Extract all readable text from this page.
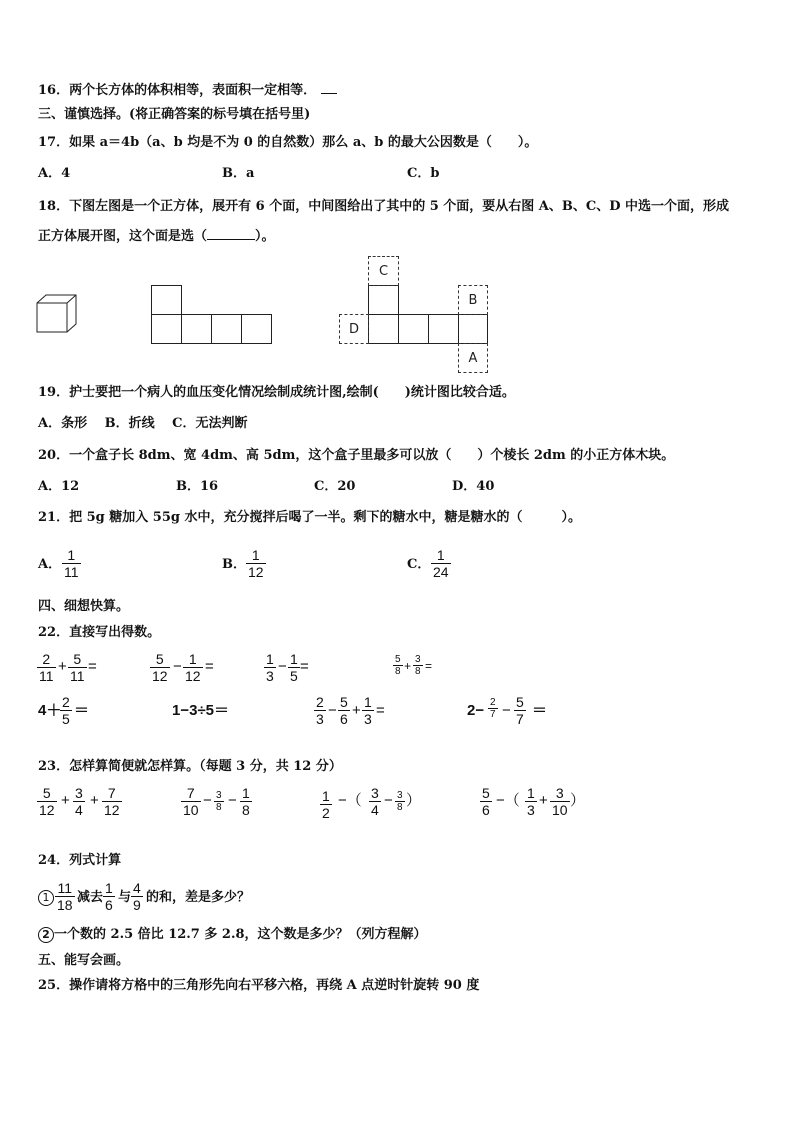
16．两个长方体的体积相等，表面积一定相等．
三、谨慎选择。(将正确答案的标号填在括号里)
17．如果 a＝4b（a、b 均是不为 0 的自然数）那么 a、b 的最大公因数是（　　）。
A．4	B．a	C．b
18．下图左图是一个正方体，展开有 6 个面，中间图给出了其中的 5 个面，要从右图 A、B、C、D 中选一个面，形成
正方体展开图，这个面是选（	）。
C
B
D
A
19．护士要把一个病人的血压变化情况绘制成统计图,绘制(　　)统计图比较合适。
A．条形　 B．折线　 C．无法判断
20．一个盒子长 8dm、宽 4dm、高 5dm，这个盒子里最多可以放（　　）个棱长 2dm 的小正方体木块。
A．12	B．16	C．20	D．40
21．把 5g 糖加入 55g 水中，充分搅拌后喝了一半。剩下的糖水中，糖是糖水的（　　　）。
A． $\frac{1}{11}$	B． $\frac{1}{12}$	C． $\frac{1}{24}$
四、细想快算。
22．直接写出得数。
$\frac{2}{11} + \frac{5}{11}$ =	$\frac{5}{12} - \frac{1}{12}$ =	$\frac{1}{3} - \frac{1}{5}$ =	$\frac{5}{8} + \frac{3}{8}$ =
4＋
$\frac{2}{5}$ ＝	1−3÷5＝	$\frac{2}{3} - \frac{5}{6} + \frac{1}{3}$ =	$2- \frac{2}{7} - \frac{5}{7}$ ＝
23．怎样算简便就怎样算。（每题 3 分，共 12 分）
$\frac{5}{12} + \frac{3}{4} + \frac{7}{12}$	$\frac{7}{10} - \frac{3}{8} - \frac{1}{8}$	$\frac{1}{2}$ −（ $\frac{3}{4} - \frac{3}{8}$ ）	$\frac{5}{6}$ −（ $\frac{1}{3} + \frac{3}{10}$ ）
24．列式计算
$1 \frac{11}{18}$ 减去 $\frac{1}{6}$ 与 $\frac{4}{9}$ 的和，差是多少？
2 一个数的 2.5 倍比 12.7 多 2.8，这个数是多少？（列方程解）
五、能写会画。
25．操作请将方格中的三角形先向右平移六格，再绕 A 点逆时针旋转 90 度
